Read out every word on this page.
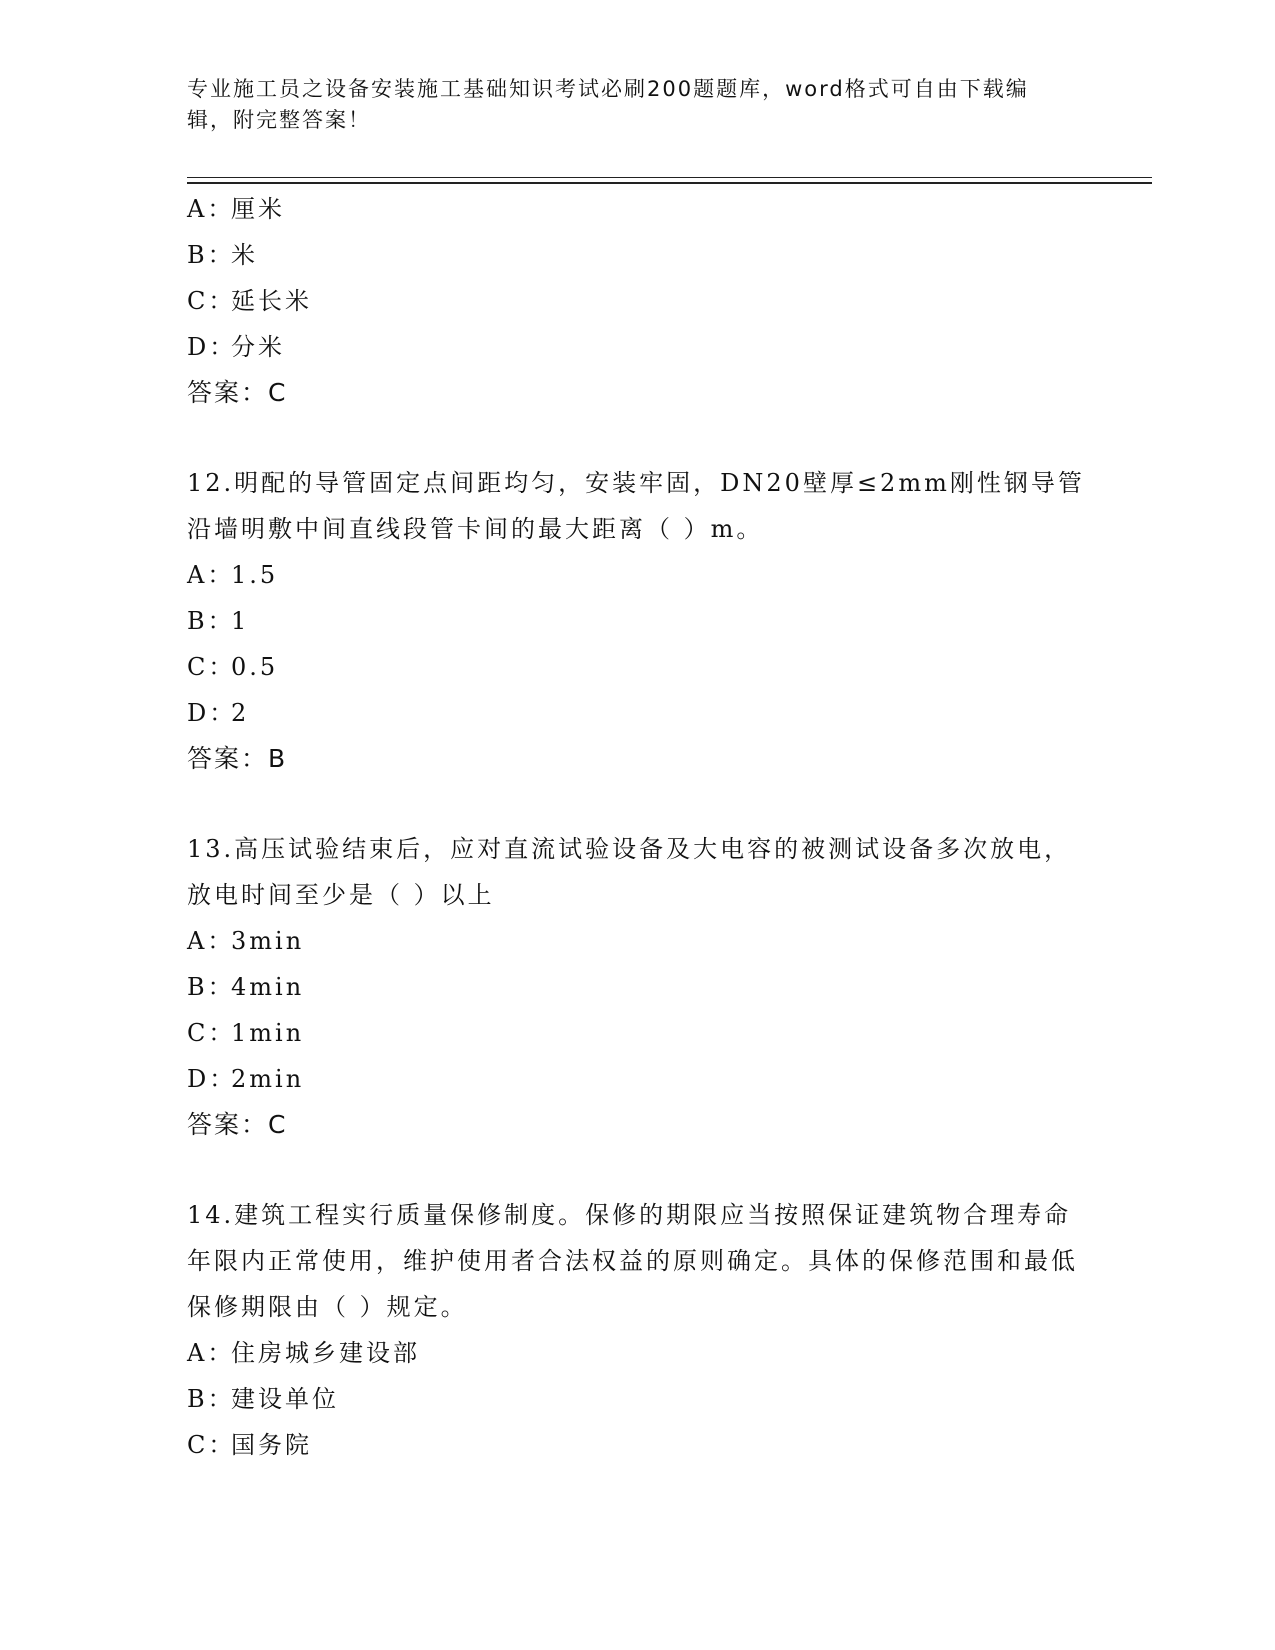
专业施工员之设备安装施工基础知识考试必刷200题题库，word格式可自由下载编辑，附完整答案！
A：厘米
B：米
C：延长米
D：分米
答案：C
12.明配的导管固定点间距均匀，安装牢固，DN20壁厚≤2mm刚性钢导管沿墙明敷中间直线段管卡间的最大距离（ ）m。
A：1.5
B：1
C：0.5
D：2
答案：B
13.高压试验结束后，应对直流试验设备及大电容的被测试设备多次放电，放电时间至少是（ ）以上
A：3min
B：4min
C：1min
D：2min
答案：C
14.建筑工程实行质量保修制度。保修的期限应当按照保证建筑物合理寿命年限内正常使用，维护使用者合法权益的原则确定。具体的保修范围和最低保修期限由（ ）规定。
A：住房城乡建设部
B：建设单位
C：国务院
